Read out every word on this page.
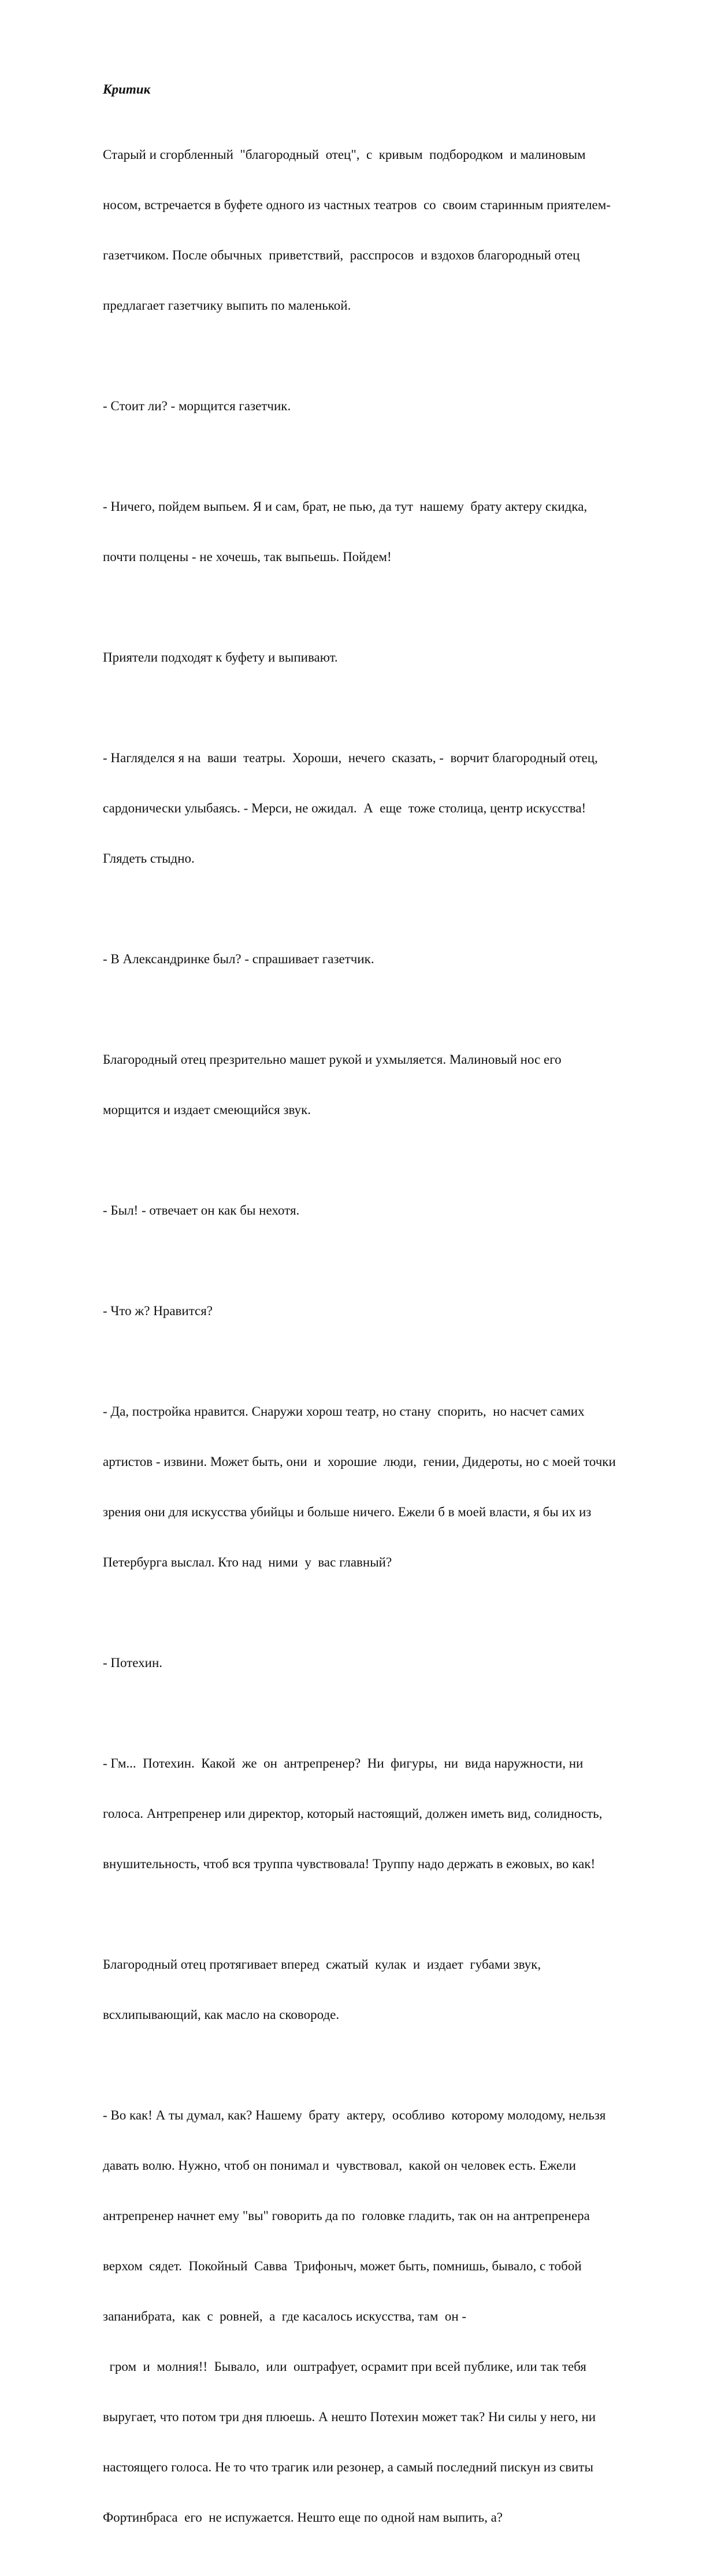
Критик

Старый и сгорбленный  "благородный  отец",  с  кривым  подбородком  и малиновым

носом, встречается в буфете одного из частных театров  со  своим старинным приятелем-

газетчиком. После обычных  приветствий,  расспросов  и вздохов благородный отец

предлагает газетчику выпить по маленькой.

- Стоит ли? - морщится газетчик.

- Ничего, пойдем выпьем. Я и сам, брат, не пью, да тут  нашему  брату актеру скидка,

почти полцены - не хочешь, так выпьешь. Пойдем!

Приятели подходят к буфету и выпивают.

- Нагляделся я на  ваши  театры.  Хороши,  нечего  сказать, -  ворчит благородный отец,

сардонически улыбаясь. - Мерси, не ожидал.  А  еще  тоже столица, центр искусства!

Глядеть стыдно.

- В Александринке был? - спрашивает газетчик.

Благородный отец презрительно машет рукой и ухмыляется. Малиновый нос его

морщится и издает смеющийся звук.

- Был! - отвечает он как бы нехотя.

- Что ж? Нравится?

- Да, постройка нравится. Снаружи хорош театр, но стану  спорить,  но насчет самих

артистов - извини. Может быть, они  и  хорошие  люди,  гении, Дидероты, но с моей точки

зрения они для искусства убийцы и больше ничего. Ежели б в моей власти, я бы их из

Петербурга выслал. Кто над  ними  у  вас главный?

- Потехин.

- Гм...  Потехин.  Какой  же  он  антрепренер?  Ни  фигуры,  ни  вида наружности, ни

голоса. Антрепренер или директор, который настоящий, должен иметь вид, солидность,

внушительность, чтоб вся труппа чувствовала! Труппу надо держать в ежовых, во как!

Благородный отец протягивает вперед  сжатый  кулак  и  издает  губами звук,

всхлипывающий, как масло на сковороде.

- Во как! А ты думал, как? Нашему  брату  актеру,  особливо  которому молодому, нельзя

давать волю. Нужно, чтоб он понимал и  чувствовал,  какой он человек есть. Ежели

антрепренер начнет ему "вы" говорить да по  головке гладить, так он на антрепренера

верхом  сядет.  Покойный  Савва  Трифоныч, может быть, помнишь, бывало, с тобой

запанибрата,  как  с  ровней,  а  где касалось искусства, там  он -

гром  и  молния!!  Бывало,  или  оштрафует, осрамит при всей публике, или так тебя

выругает, что потом три дня плюешь. А нешто Потехин может так? Ни силы у него, ни

настоящего голоса. Не то что трагик или резонер, а самый последний пискун из свиты

Фортинбраса  его  не испужается. Нешто еще по одной нам выпить, а?
